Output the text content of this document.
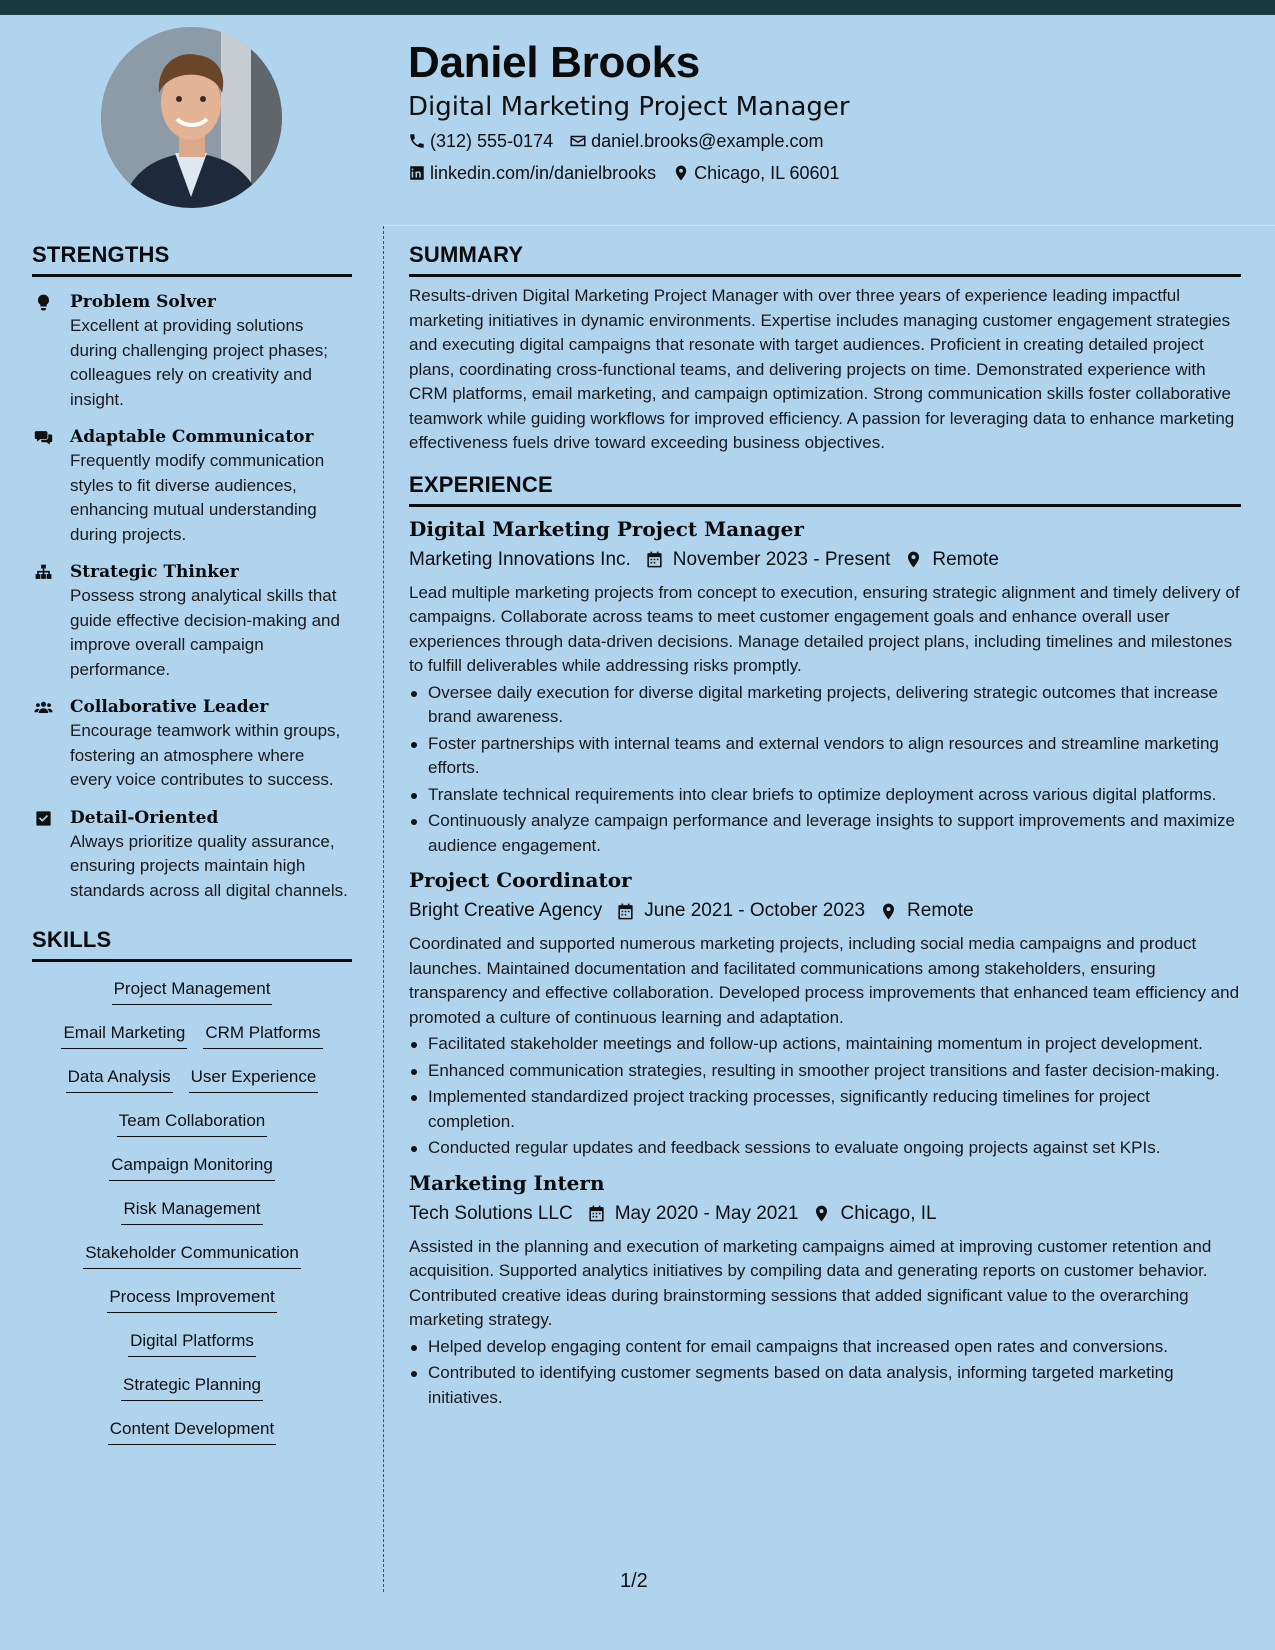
Daniel Brooks
Digital Marketing Project Manager
(312) 555-0174 daniel.brooks@example.com
linkedin.com/in/danielbrooks Chicago, IL 60601
STRENGTHS
Problem Solver
Excellent at providing solutions during challenging project phases; colleagues rely on creativity and insight.
Adaptable Communicator
Frequently modify communication styles to fit diverse audiences, enhancing mutual understanding during projects.
Strategic Thinker
Possess strong analytical skills that guide effective decision-making and improve overall campaign performance.
Collaborative Leader
Encourage teamwork within groups, fostering an atmosphere where every voice contributes to success.
Detail-Oriented
Always prioritize quality assurance, ensuring projects maintain high standards across all digital channels.
SKILLS
Project Management
Email Marketing CRM Platforms
Data Analysis User Experience
Team Collaboration
Campaign Monitoring
Risk Management
Stakeholder Communication
Process Improvement
Digital Platforms
Strategic Planning
Content Development
SUMMARY
Results-driven Digital Marketing Project Manager with over three years of experience leading impactful marketing initiatives in dynamic environments. Expertise includes managing customer engagement strategies and executing digital campaigns that resonate with target audiences. Proficient in creating detailed project plans, coordinating cross-functional teams, and delivering projects on time. Demonstrated experience with CRM platforms, email marketing, and campaign optimization. Strong communication skills foster collaborative teamwork while guiding workflows for improved efficiency. A passion for leveraging data to enhance marketing effectiveness fuels drive toward exceeding business objectives.
EXPERIENCE
Digital Marketing Project Manager
Marketing Innovations Inc. November 2023 - Present Remote
Lead multiple marketing projects from concept to execution, ensuring strategic alignment and timely delivery of campaigns. Collaborate across teams to meet customer engagement goals and enhance overall user experiences through data-driven decisions. Manage detailed project plans, including timelines and milestones to fulfill deliverables while addressing risks promptly.
Oversee daily execution for diverse digital marketing projects, delivering strategic outcomes that increase brand awareness.
Foster partnerships with internal teams and external vendors to align resources and streamline marketing efforts.
Translate technical requirements into clear briefs to optimize deployment across various digital platforms.
Continuously analyze campaign performance and leverage insights to support improvements and maximize audience engagement.
Project Coordinator
Bright Creative Agency June 2021 - October 2023 Remote
Coordinated and supported numerous marketing projects, including social media campaigns and product launches. Maintained documentation and facilitated communications among stakeholders, ensuring transparency and effective collaboration. Developed process improvements that enhanced team efficiency and promoted a culture of continuous learning and adaptation.
Facilitated stakeholder meetings and follow-up actions, maintaining momentum in project development.
Enhanced communication strategies, resulting in smoother project transitions and faster decision-making.
Implemented standardized project tracking processes, significantly reducing timelines for project completion.
Conducted regular updates and feedback sessions to evaluate ongoing projects against set KPIs.
Marketing Intern
Tech Solutions LLC May 2020 - May 2021 Chicago, IL
Assisted in the planning and execution of marketing campaigns aimed at improving customer retention and acquisition. Supported analytics initiatives by compiling data and generating reports on customer behavior. Contributed creative ideas during brainstorming sessions that added significant value to the overarching marketing strategy.
Helped develop engaging content for email campaigns that increased open rates and conversions.
Contributed to identifying customer segments based on data analysis, informing targeted marketing initiatives.
1/2
